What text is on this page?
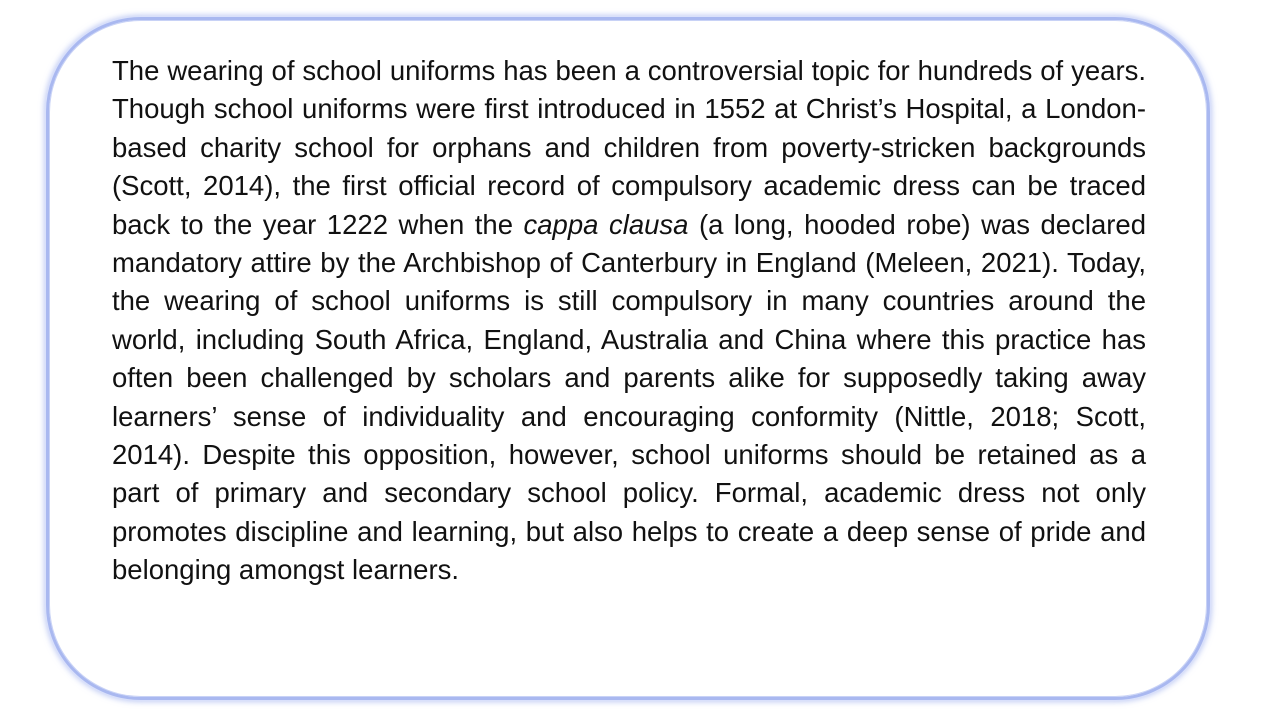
The wearing of school uniforms has been a controversial topic for hundreds of years. Though school uniforms were first introduced in 1552 at Christ’s Hospital, a London-based charity school for orphans and children from poverty-stricken backgrounds (Scott, 2014), the first official record of compulsory academic dress can be traced back to the year 1222 when the cappa clausa (a long, hooded robe) was declared mandatory attire by the Archbishop of Canterbury in England (Meleen, 2021). Today, the wearing of school uniforms is still compulsory in many countries around the world, including South Africa, England, Australia and China where this practice has often been challenged by scholars and parents alike for supposedly taking away learners’ sense of individuality and encouraging conformity (Nittle, 2018; Scott, 2014). Despite this opposition, however, school uniforms should be retained as a part of primary and secondary school policy. Formal, academic dress not only promotes discipline and learning, but also helps to create a deep sense of pride and belonging amongst learners.
